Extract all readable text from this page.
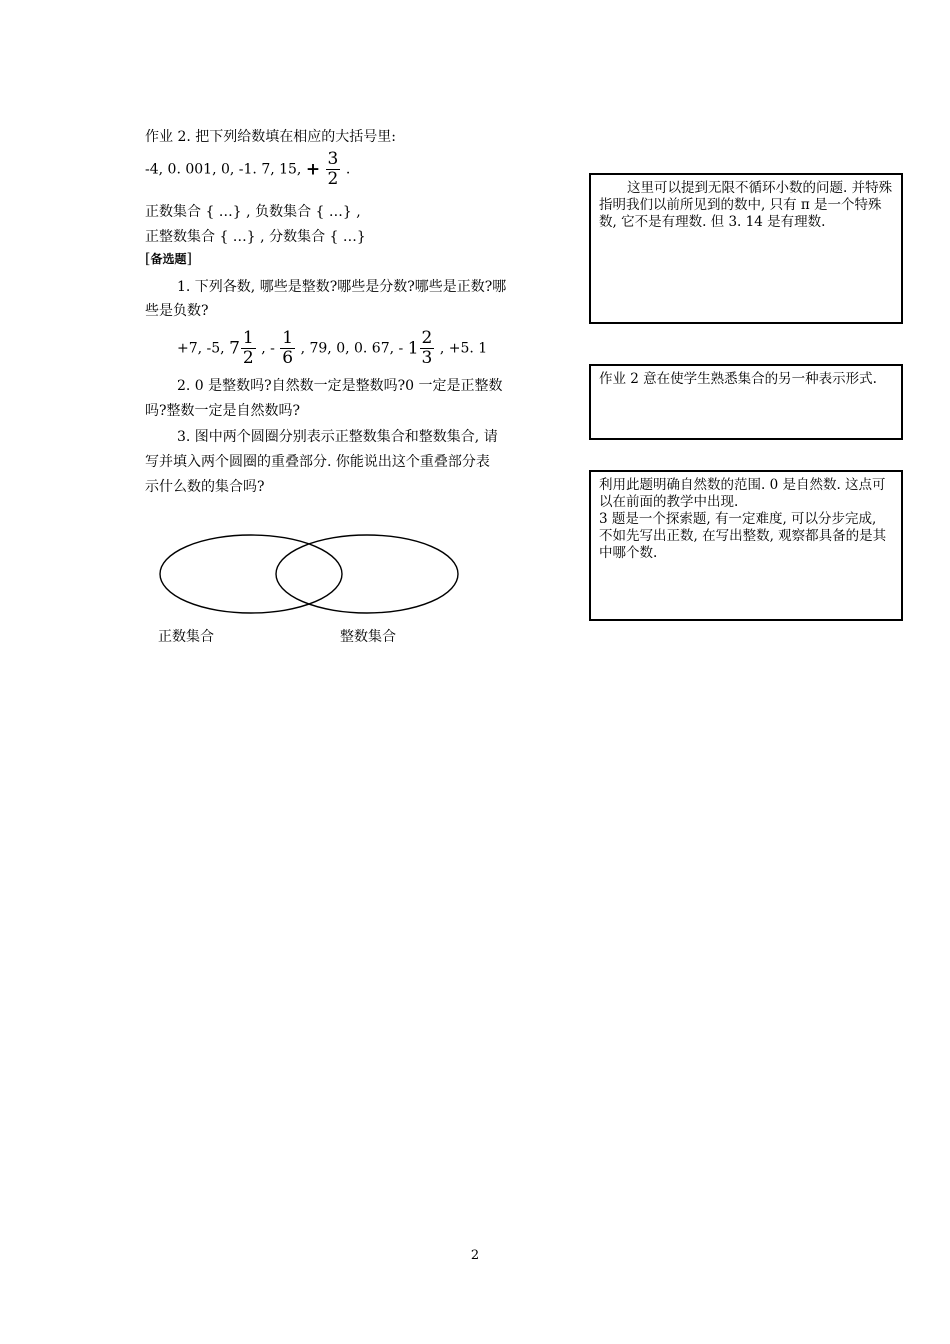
作业 2. 把下列给数填在相应的大括号里:
-4, 0. 001, 0, -1. 7, 15, + $\frac{3}{2}$ .
正数集合 { …} , 负数集合 { …} ,
正整数集合 { …} , 分数集合 { …}
[备选题]
1. 下列各数, 哪些是整数?哪些是分数?哪些是正数?哪
些是负数?
+7, -5, $7 \frac{1}{2}$ , - $\frac{1}{6}$ , 79, 0, 0. 67, - $1 \frac{2}{3}$ , +5. 1
2. 0 是整数吗?自然数一定是整数吗?0 一定是正整数
吗?整数一定是自然数吗?
3. 图中两个圆圈分别表示正整数集合和整数集合, 请
写并填入两个圆圈的重叠部分. 你能说出这个重叠部分表
示什么数的集合吗?
正数集合	整数集合
这里可以提到无限不循环小数的问题. 并特殊指明我们以前所见到的数中, 只有 π 是一个特殊数, 它不是有理数. 但 3. 14 是有理数.
作业 2 意在使学生熟悉集合的另一种表示形式.
利用此题明确自然数的范围. 0 是自然数. 这点可以在前面的教学中出现.
3 题是一个探索题, 有一定难度, 可以分步完成, 不如先写出正数, 在写出整数, 观察都具备的是其中哪个数.
2
